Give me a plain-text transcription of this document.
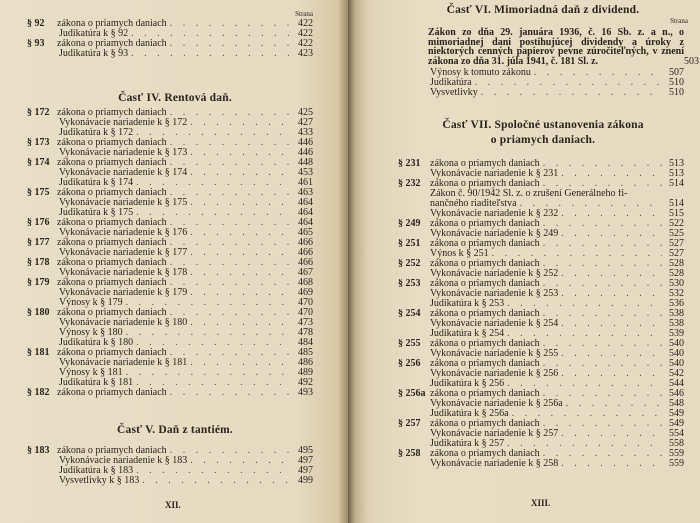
Strana
§ 92	zákona o priamych daniach . . .	422
Judikatúra k § 92 . . .	422
§ 93	zákona o priamych daniach . . .	422
Judikatúra k § 93 . . .	423
Časť IV. Rentová daň.
§ 172 zákona o priamych daniach . . .	425
Vykonávacie nariadenie k § 172 . . .	427
Judikatúra k § 172 . . .	433
§ 173 zákona o priamych daniach . . .	446
Vykonávacie nariadenie k § 173 . . .	446
§ 174 zákona o priamych daniach . . .	448
Vykonávacie nariadenie k § 174 . . .	453
Judikatúra k § 174 . . .	461
§ 175 zákona o priamych daniach . . .	463
Vykonávacie nariadenie k § 175 . . .	464
Judikatúra k § 175 . . .	464
§ 176 zákona o priamych daniach . . .	464
Vykonávacie nariadenie k § 176 . . .	465
§ 177 zákona o priamych daniach . . .	466
Vykonávacie nariadenie k § 177 . . .	466
§ 178 zákona o priamych daniach . . .	466
Vykonávacie nariadenie k § 178 . . .	467
§ 179 zákona o priamych daniach . . .	468
Vykonávacie nariadenie k § 179 . . .	469
Výnosy k § 179 . . .	470
§ 180 zákona o priamych daniach . . .	470
Vykonávacie nariadenie k § 180 . . .	473
Výnosy k § 180 . . .	478
Judikatúra k § 180 . . .	484
§ 181 zákona o priamych daniach . . .	485
Vykonávacie nariadenie k § 181 . . .	486
Výnosy k § 181 . . .	489
Judikatúra k § 181 . . .	492
§ 182 zákona o priamych daniach . . .	493
Časť V. Daň z tantiém.
§ 183 zákona o priamych daniach . . .	495
Vykonávacie nariadenie k § 183 . . .	497
Judikatúra k § 183 . . .	497
Vysvetlivky k § 183 . . .	499
XII.
Časť VI. Mimoriadná daň z dividend.
Strana
Zákon zo dňa 29. januára 1936, č. 16 Sb. z. a n., o mimoriadnej dani postihujúcej dividendy a úroky z niektorých cenných papierov pevne zúročiteľných, v znení zákona zo dňa 31. júla 1941, č. 181 Sl. z.	503
Výnosy k tomuto zákonu . . .	507
Judikatúra . . .	510
Vysvetlivky . . .	510
Časť VII. Spoločné ustanovenia zákona
o priamych daniach.
§ 231 zákona o priamych daniach . . .	513
Vykonávacie nariadenie k § 231 . . .	513
§ 232 zákona o priamych daniach . . .	514
Zákon č. 90/1942 Sl. z. o zrušení Generálneho fi-
nančného riaditeľstva . . .	514
Vykonávacie nariadenie k § 232 . . .	515
§ 249 zákona o priamych daniach . . .	522
Vykonávacie nariadenie k § 249 . . .	525
§ 251 zákona o priamych daniach . . .	527
Výnos k § 251 . . .	527
§ 252 zákona o priamych daniach . . .	528
Vykonávacie nariadenie k § 252 . . .	528
§ 253 zákona o priamych daniach . . .	530
Vykonávacie nariadenie k § 253 . . .	532
Judikatúra k § 253 . . .	536
§ 254 zákona o priamych daniach . . .	538
Vykonávacie nariadenie k § 254 . . .	538
Judikatúra k § 254 . . .	539
§ 255 zákona o priamych daniach . . .	540
Vykonávacie nariadenie k § 255 . . .	540
§ 256 zákona o priamych daniach . . .	540
Vykonávacie nariadenie k § 256 . . .	542
Judikatúra k § 256 . . .	544
§ 256a zákona o priamych daniach . . .	546
Vykonávacie nariadenie k § 256a . . .	548
Judikatúra k § 256a . . .	549
§ 257 zákona o priamych daniach . . .	549
Vykonávacie nariadenie k § 257 . . .	554
Judikatúra k § 257 . . .	558
§ 258 zákona o priamych daniach . . .	559
Vykonávacie nariadenie k § 258 . . .	559
XIII.
